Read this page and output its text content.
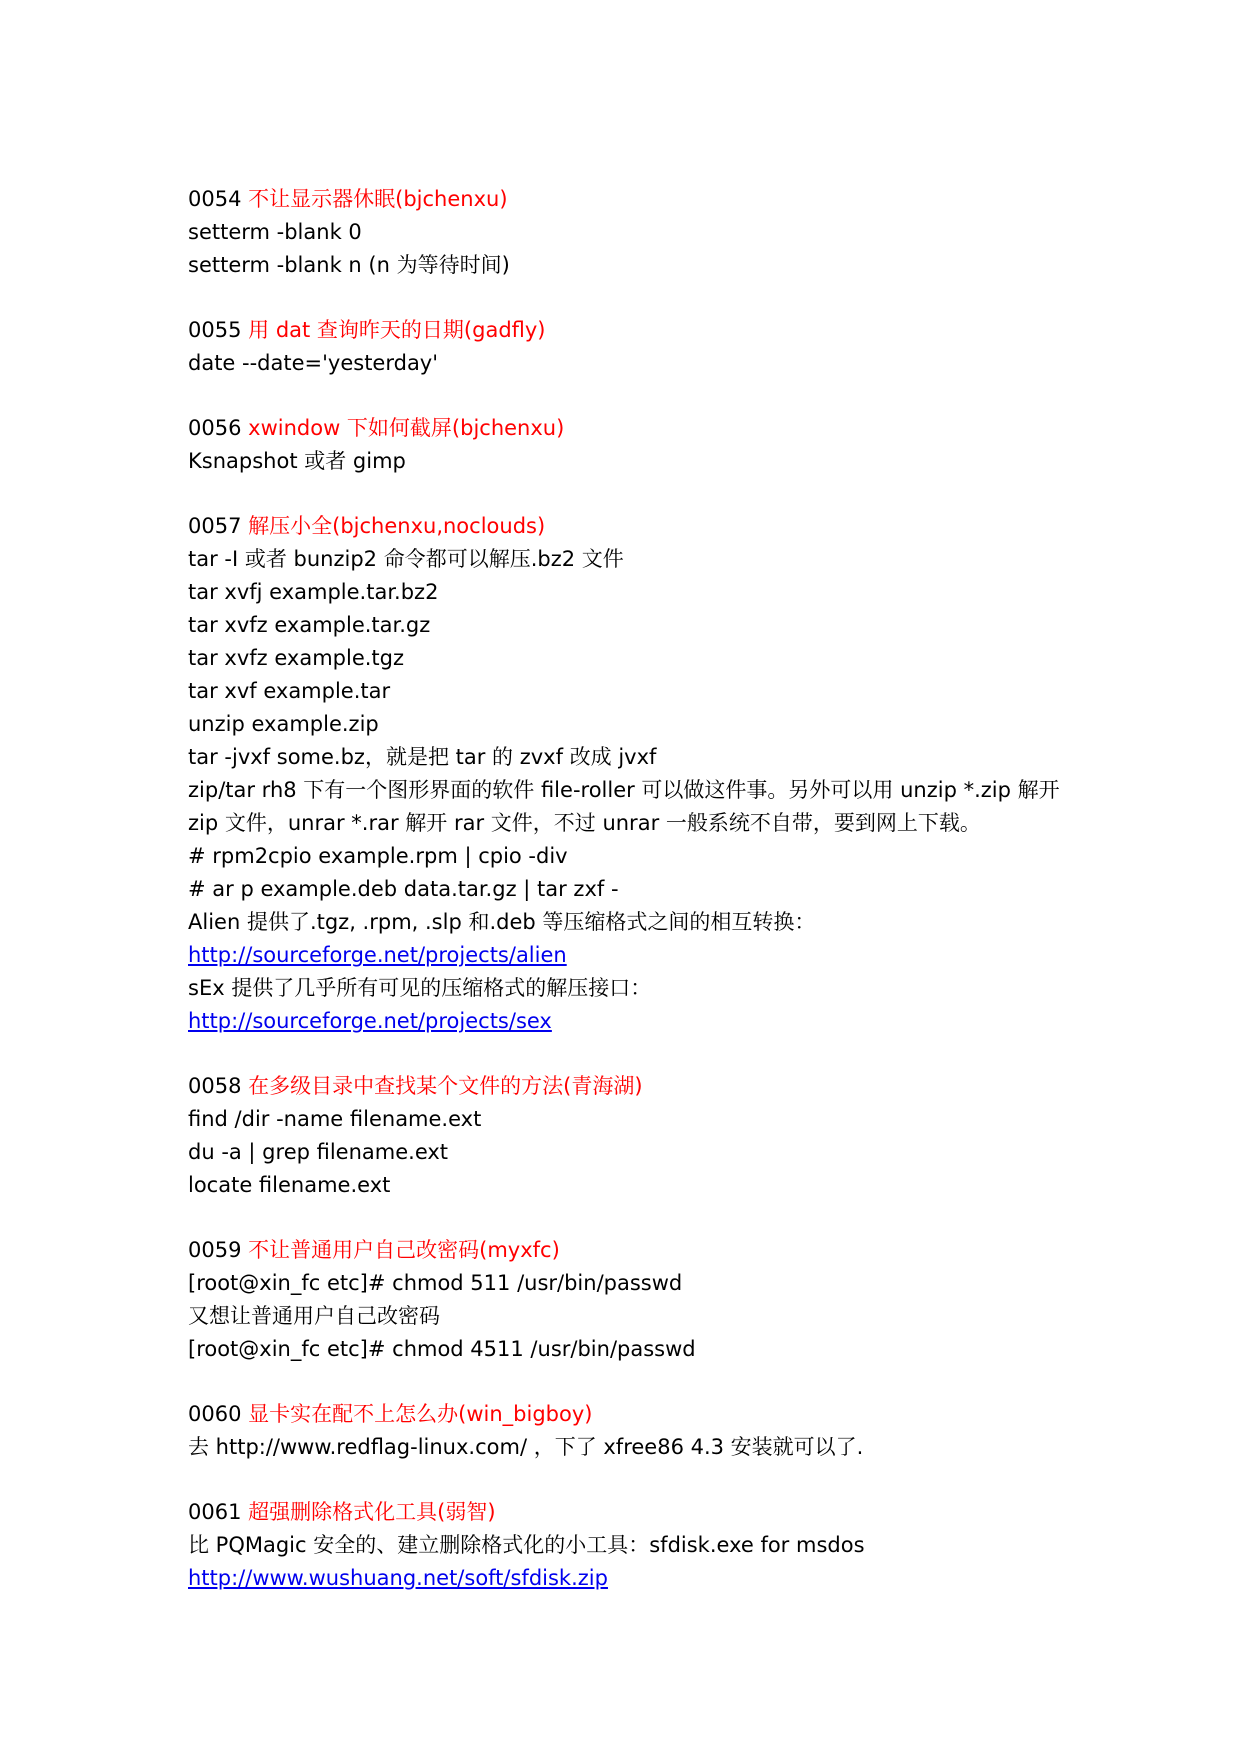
0054 不让显示器休眠(bjchenxu)
setterm -blank 0
setterm -blank n (n 为等待时间)
0055 用 dat 查询昨天的日期(gadfly)
date --date='yesterday'
0056 xwindow 下如何截屏(bjchenxu)
Ksnapshot 或者 gimp
0057 解压小全(bjchenxu,noclouds)
tar -I 或者 bunzip2 命令都可以解压.bz2 文件
tar xvfj example.tar.bz2
tar xvfz example.tar.gz
tar xvfz example.tgz
tar xvf example.tar
unzip example.zip
tar -jvxf some.bz，就是把 tar 的 zvxf 改成 jvxf
zip/tar rh8 下有一个图形界面的软件 file-roller 可以做这件事。另外可以用 unzip *.zip 解开
zip 文件，unrar *.rar 解开 rar 文件，不过 unrar 一般系统不自带，要到网上下载。
# rpm2cpio example.rpm | cpio -div
# ar p example.deb data.tar.gz | tar zxf -
Alien 提供了.tgz, .rpm, .slp 和.deb 等压缩格式之间的相互转换：
http://sourceforge.net/projects/alien
sEx 提供了几乎所有可见的压缩格式的解压接口：
http://sourceforge.net/projects/sex
0058 在多级目录中查找某个文件的方法(青海湖)
find /dir -name filename.ext
du -a | grep filename.ext
locate filename.ext
0059 不让普通用户自己改密码(myxfc)
[root@xin_fc etc]# chmod 511 /usr/bin/passwd
又想让普通用户自己改密码
[root@xin_fc etc]# chmod 4511 /usr/bin/passwd
0060 显卡实在配不上怎么办(win_bigboy)
去 http://www.redflag-linux.com/ ，下了 xfree86 4.3 安装就可以了.
0061 超强删除格式化工具(弱智)
比 PQMagic 安全的、建立删除格式化的小工具：sfdisk.exe for msdos
http://www.wushuang.net/soft/sfdisk.zip
